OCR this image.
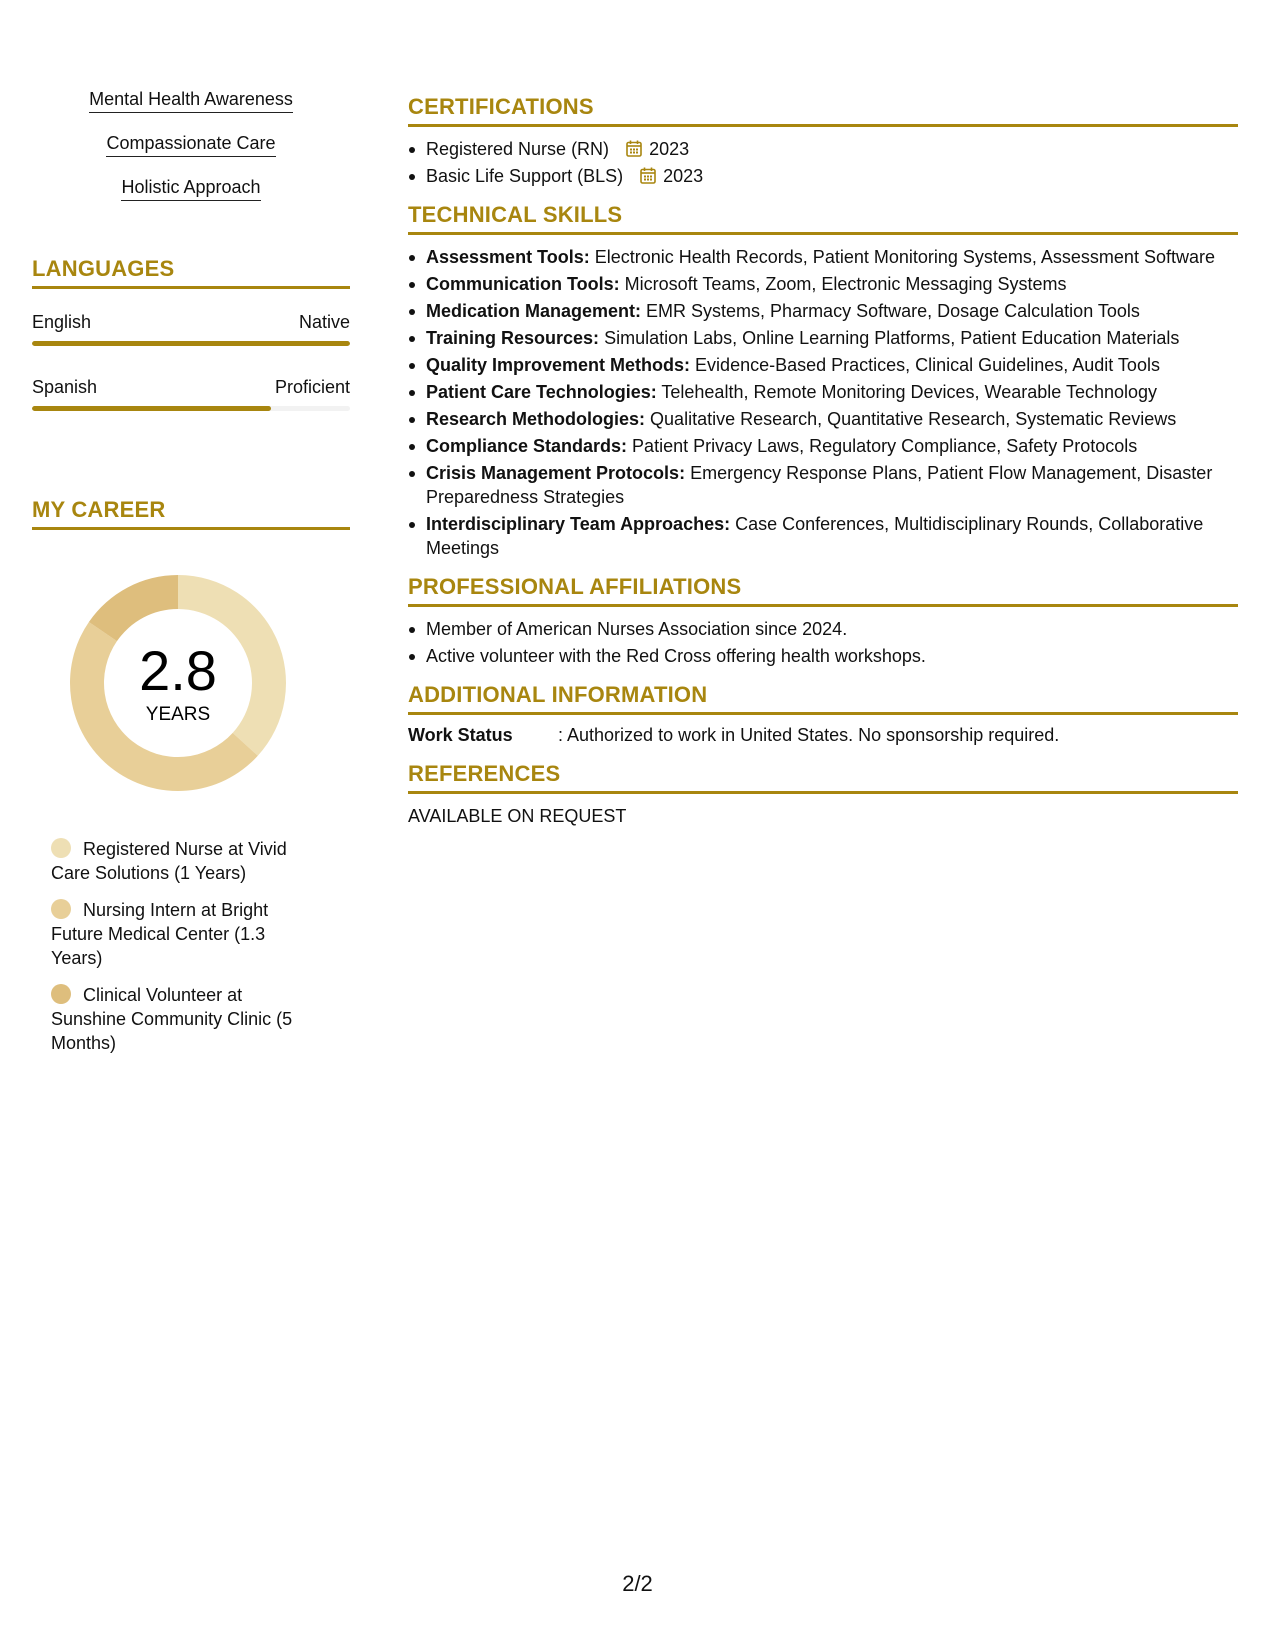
Mental Health Awareness
Compassionate Care
Holistic Approach
LANGUAGES
English	Native
Spanish	Proficient
MY CAREER
2.8
YEARS
Registered Nurse at Vivid Care Solutions (1 Years)
Nursing Intern at Bright Future Medical Center (1.3 Years)
Clinical Volunteer at Sunshine Community Clinic (5 Months)
CERTIFICATIONS
Registered Nurse (RN) 2023
Basic Life Support (BLS) 2023
TECHNICAL SKILLS
Assessment Tools: Electronic Health Records, Patient Monitoring Systems, Assessment Software
Communication Tools: Microsoft Teams, Zoom, Electronic Messaging Systems
Medication Management: EMR Systems, Pharmacy Software, Dosage Calculation Tools
Training Resources: Simulation Labs, Online Learning Platforms, Patient Education Materials
Quality Improvement Methods: Evidence-Based Practices, Clinical Guidelines, Audit Tools
Patient Care Technologies: Telehealth, Remote Monitoring Devices, Wearable Technology
Research Methodologies: Qualitative Research, Quantitative Research, Systematic Reviews
Compliance Standards: Patient Privacy Laws, Regulatory Compliance, Safety Protocols
Crisis Management Protocols: Emergency Response Plans, Patient Flow Management, Disaster Preparedness Strategies
Interdisciplinary Team Approaches: Case Conferences, Multidisciplinary Rounds, Collaborative Meetings
PROFESSIONAL AFFILIATIONS
Member of American Nurses Association since 2024.
Active volunteer with the Red Cross offering health workshops.
ADDITIONAL INFORMATION
Work Status	: Authorized to work in United States. No sponsorship required.
REFERENCES
AVAILABLE ON REQUEST
2/2
